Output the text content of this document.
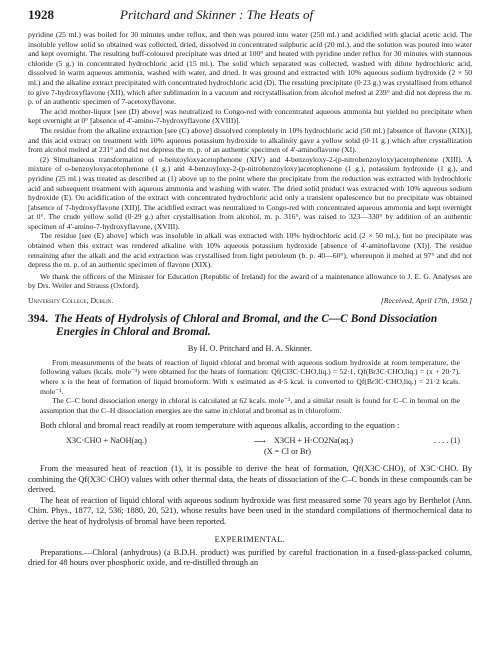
1928	Pritchard and Skinner : The Heats of

pyridine (25 ml.) was boiled for 30 minutes under reflux, and then was poured into water (250 ml.) and acidified with glacial acetic acid. The insoluble yellow solid so obtained was collected, dried, dissolved in concentrated sulphuric acid (20 ml.), and the solution was poured into water and kept overnight. The resulting buff-coloured precipitate was dried at 100° and heated with pyridine under reflux for 30 minutes with stannous chloride (5 g.) in concentrated hydrochloric acid (15 ml.). The solid which separated was collected, washed with dilute hydrochloric acid, dissolved in warm aqueous ammonia, washed with water, and dried. It was ground and extracted with 10% aqueous sodium hydroxide (2 × 50 ml.) and the alkaline extract precipitated with concentrated hydrochloric acid (D). The resulting precipitate (0·23 g.) was crystallised from ethanol to give 7-hydroxyflavone (XII), which after sublimation in a vacuum and recrystallisation from alcohol melted at 239° and did not depress the m. p. of an authentic specimen of 7-acetoxyflavone.

The acid mother-liquor [see (D) above] was neutralized to Congo-red with concentrated aqueous ammonia but yielded no precipitate when kept overnight at 0° [absence of 4'-amino-7-hydroxyflavone (XVIII)].

The residue from the alkaline extraction [see (C) above] dissolved completely in 10% hydrochloric acid (50 ml.) [absence of flavone (XIX)], and this acid extract on treatment with 10% aqueous potassium hydroxide to alkalinity gave a yellow solid (0·11 g.) which after crystallization from alcohol melted at 231° and did not depress the m. p. of an authentic specimen of 4'-aminoflavone (XI).

(2) Simultaneous transformation of o-benzoyloxyacetophenone (XIV) and 4-benzoyloxy-2-(p-nitrobenzoyloxy)acetophenone (XIII). A mixture of o-benzoyloxyacetophenone (1 g.) and 4-benzoyloxy-2-(p-nitrobenzoyloxy)acetophenone (1 g.), potassium hydroxide (1 g.), and pyridine (25 ml.) was treated as described at (1) above up to the point where the precipitate from the reduction was extracted with hydrochloric acid and subsequent treatment with aqueous ammonia and washing with water. The dried solid product was extracted with 10% aqueous sodium hydroxide (E). On acidification of the extract with concentrated hydrochloric acid only a transient opalescence but no precipitate was obtained [absence of 7-hydroxyflavone (XII)]. The acidified extract was neutralized to Congo-red with concentrated aqueous ammonia and kept overnight at 0°. The crude yellow solid (0·29 g.) after crystallisation from alcohol, m. p. 316°, was raised to 323—330° by addition of an authentic specimen of 4'-amino-7-hydroxyflavone, (XVIII).

The residue [see (E) above] which was insoluble in alkali was extracted with 10% hydrochloric acid (2 × 50 ml.), but no precipitate was obtained when this extract was rendered alkaline with 10% aqueous potassium hydroxide [absence of 4'-aminoflavone (XI)]. The residue remaining after the alkali and the acid extraction was crystallised from light petroleum (b. p. 40—60°), whereupon it melted at 97° and did not depress the m. p. of an authentic specimen of flavone (XIX).

We thank the officers of the Minister for Education (Republic of Ireland) for the award of a maintenance allowance to J. E. G. Analyses are by Drs. Weiler and Strauss (Oxford).

University College, Dublin.	[Received, April 17th, 1950.]
394. The Heats of Hydrolysis of Chloral and Bromal, and the C—C Bond Dissociation Energies in Chloral and Bromal.
By H. O. Pritchard and H. A. Skinner.

From measurements of the heats of reaction of liquid chloral and bromal with aqueous sodium hydroxide at room temperature, the following values (kcals. mole⁻¹) were obtained for the heats of formation: Qf(Cl3C·CHO,liq.) = 52·1, Qf(Br3C·CHO,liq.) = (x + 20·7), where x is the heat of formation of liquid bromoform. With x estimated as 4·5 kcal. is converted to Qf(Br3C·CHO,liq.) = 21·2 kcals. mole⁻¹.

The C–C bond dissociation energy in chloral is calculated at 62 kcals. mole⁻¹, and a similar result is found for C–C in bromal on the assumption that the C–H dissociation energies are the same in chloral and bromal as in chloroform.

Both chloral and bromal react readily at room temperature with aqueous alkalis, according to the equation :

X3C·CHO + NaOH(aq.)	⟶ X3CH + H·CO2Na(aq.)	. . . . (1)
(X = Cl or Br)

From the measured heat of reaction (1), it is possible to derive the heat of formation, Qf(X3C·CHO), of X3C·CHO. By combining the Qf(X3C·CHO) values with other thermal data, the heats of dissociation of the C–C bonds in these compounds can be derived.

The heat of reaction of liquid chloral with aqueous sodium hydroxide was first measured some 70 years ago by Berthelot (Ann. Chim. Phys., 1877, 12, 536; 1880, 20, 521), whose results have been used in the standard compilations of thermochemical data to derive the heat of hydrolysis of bromal have been reported.

EXPERIMENTAL.

Preparations.—Chloral (anhydrous) (a B.D.H. product) was purified by careful fractionation in a fused-glass-packed column, dried for 48 hours over phosphoric oxide, and re-distilled through an
